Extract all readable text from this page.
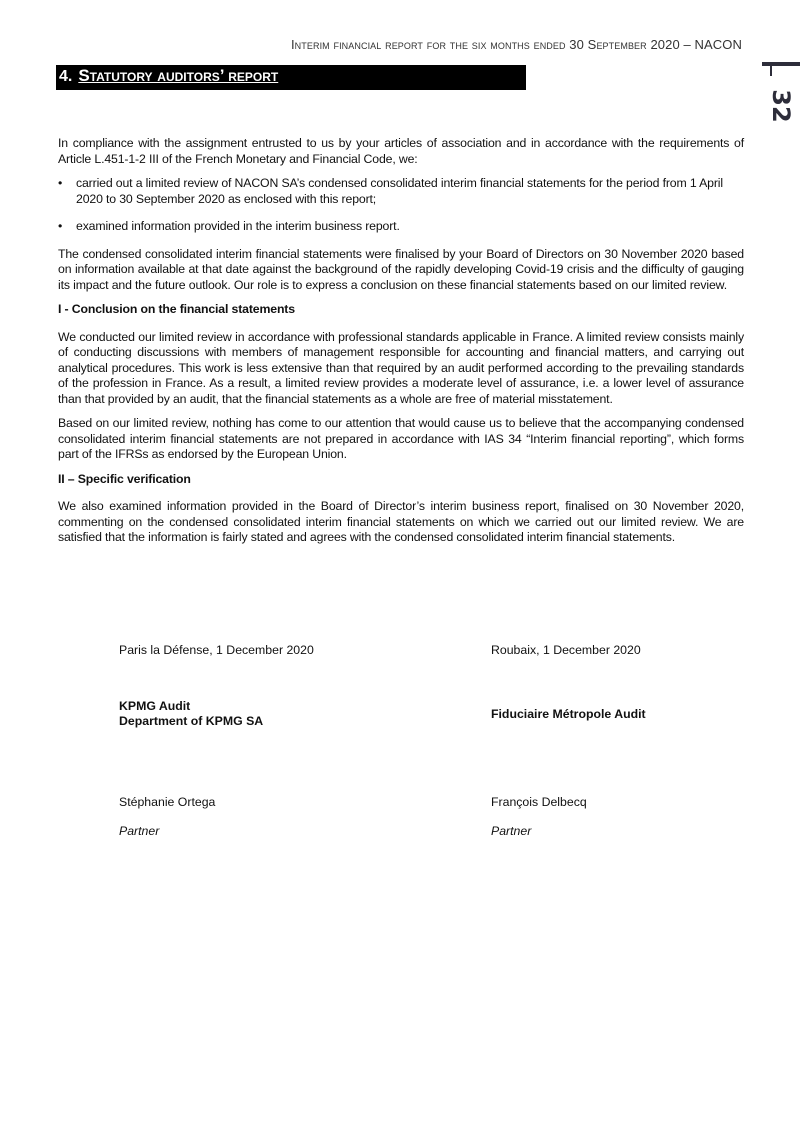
Interim financial report for the six months ended 30 September 2020 – NACON
32
4. Statutory auditors’ report

In compliance with the assignment entrusted to us by your articles of association and in accordance with the requirements of Article L.451-1-2 III of the French Monetary and Financial Code, we:

• carried out a limited review of NACON SA’s condensed consolidated interim financial statements for the period from 1 April 2020 to 30 September 2020 as enclosed with this report;
• examined information provided in the interim business report.

The condensed consolidated interim financial statements were finalised by your Board of Directors on 30 November 2020 based on information available at that date against the background of the rapidly developing Covid-19 crisis and the difficulty of gauging its impact and the future outlook. Our role is to express a conclusion on these financial statements based on our limited review.

I - Conclusion on the financial statements

We conducted our limited review in accordance with professional standards applicable in France. A limited review consists mainly of conducting discussions with members of management responsible for accounting and financial matters, and carrying out analytical procedures. This work is less extensive than that required by an audit performed according to the prevailing standards of the profession in France. As a result, a limited review provides a moderate level of assurance, i.e. a lower level of assurance than that provided by an audit, that the financial statements as a whole are free of material misstatement.

Based on our limited review, nothing has come to our attention that would cause us to believe that the accompanying condensed consolidated interim financial statements are not prepared in accordance with IAS 34 “Interim financial reporting”, which forms part of the IFRSs as endorsed by the European Union.

II – Specific verification

We also examined information provided in the Board of Director’s interim business report, finalised on 30 November 2020, commenting on the condensed consolidated interim financial statements on which we carried out our limited review. We are satisfied that the information is fairly stated and agrees with the condensed consolidated interim financial statements.

Paris la Défense, 1 December 2020
KPMG Audit
Department of KPMG SA
Stéphanie Ortega
Partner
Roubaix, 1 December 2020
Fiduciaire Métropole Audit
François Delbecq
Partner
